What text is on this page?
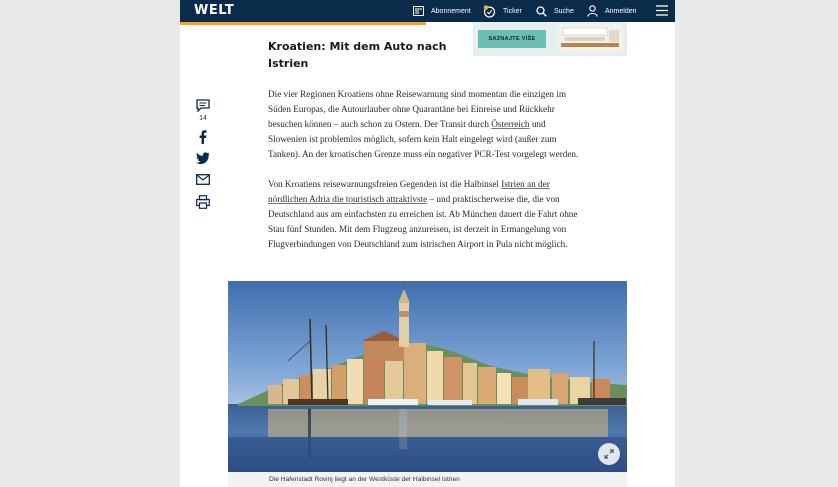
WELT	Abonnement	Ticker	Suche	Anmelden
SAZNAJTE VIŠE
Kroatien: Mit dem Auto nach Istrien

Die vier Regionen Kroatiens ohne Reisewarnung sind momentan die einzigen im Süden Europas, die Autourlauber ohne Quarantäne bei Einreise und Rückkehr besuchen können – auch schon zu Ostern. Der Transit durch Österreich und Slowenien ist problemlos möglich, sofern kein Halt eingelegt wird (außer zum Tanken). An der kroatischen Grenze muss ein negativer PCR-Test vorgelegt werden.

Von Kroatiens reisewarnungsfreien Gegenden ist die Halbinsel Istrien an der nördlichen Adria die touristisch attraktivste – und praktischerweise die, die von Deutschland aus am einfachsten zu erreichen ist. Ab München dauert die Fahrt ohne Stau fünf Stunden. Mit dem Flugzeug anzureisen, ist derzeit in Ermangelung von Flugverbindungen von Deutschland zum istrischen Airport in Pula nicht möglich.

14
Die Hafenstadt Rovinj liegt an der Westküste der Halbinsel Istrien
